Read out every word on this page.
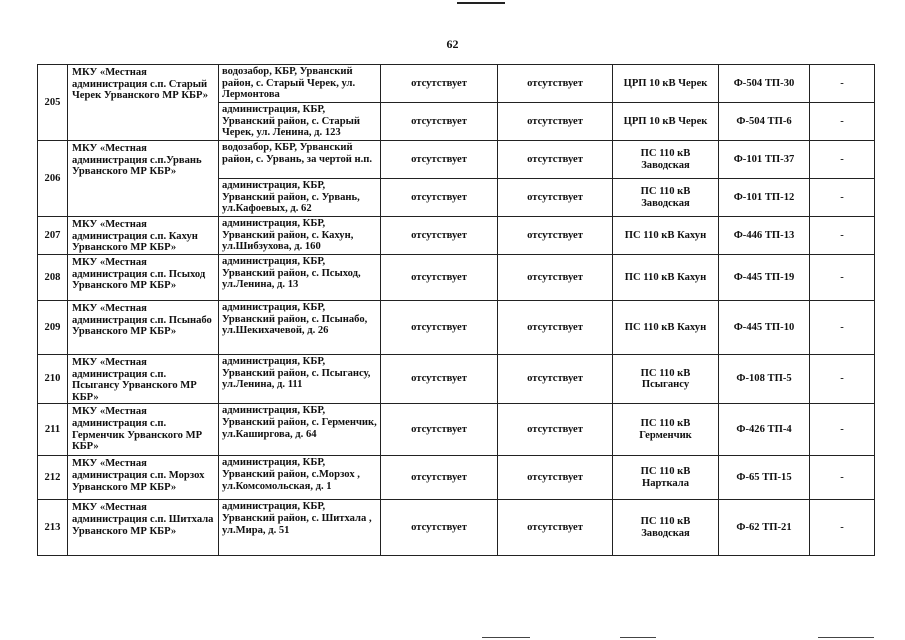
62
205	МКУ «Местная администрация с.п. Старый Черек Урванского МР КБР»	водозабор, КБР, Урванский район, с. Старый Черек, ул. Лермонтова	отсутствует	отсутствует	ЦРП 10 кВ Черек	Ф-504 ТП-30	-
		администрация, КБР, Урванский район, с. Старый Черек, ул. Ленина, д. 123	отсутствует	отсутствует	ЦРП 10 кВ Черек	Ф-504 ТП-6	-
206	МКУ «Местная администрация с.п.Урвань Урванского МР КБР»	водозабор, КБР, Урванский район, с. Урвань, за чертой н.п.	отсутствует	отсутствует	ПС 110 кВ Заводская	Ф-101 ТП-37	-
		администрация, КБР, Урванский район, с. Урвань, ул.Кафоевых, д. 62	отсутствует	отсутствует	ПС 110 кВ Заводская	Ф-101 ТП-12	-
207	МКУ «Местная администрация с.п. Кахун Урванского МР КБР»	администрация, КБР, Урванский район, с. Кахун, ул.Шибзухова, д. 160	отсутствует	отсутствует	ПС 110 кВ Кахун	Ф-446 ТП-13	-
208	МКУ «Местная администрация с.п. Псыход Урванского МР КБР»	администрация, КБР, Урванский район, с. Псыход, ул.Ленина, д. 13	отсутствует	отсутствует	ПС 110 кВ Кахун	Ф-445 ТП-19	-
209	МКУ «Местная администрация с.п. Псынабо Урванского МР КБР»	администрация, КБР, Урванский район, с. Псынабо, ул.Шекихачевой, д. 26	отсутствует	отсутствует	ПС 110 кВ Кахун	Ф-445 ТП-10	-
210	МКУ «Местная администрация с.п. Псыгансу Урванского МР КБР»	администрация, КБР, Урванский район, с. Псыгансу, ул.Ленина, д. 111	отсутствует	отсутствует	ПС 110 кВ Псыгансу	Ф-108 ТП-5	-
211	МКУ «Местная администрация с.п. Герменчик Урванского МР КБР»	администрация, КБР, Урванский район, с. Герменчик, ул.Каширгова, д. 64	отсутствует	отсутствует	ПС 110 кВ Герменчик	Ф-426 ТП-4	-
212	МКУ «Местная администрация с.п. Морзох Урванского МР КБР»	администрация, КБР, Урванский район, с.Морзох , ул.Комсомольская, д. 1	отсутствует	отсутствует	ПС 110 кВ Нарткала	Ф-65 ТП-15	-
213	МКУ «Местная администрация с.п. Шитхала Урванского МР КБР»	администрация, КБР, Урванский район, с. Шитхала , ул.Мира, д. 51	отсутствует	отсутствует	ПС 110 кВ Заводская	Ф-62 ТП-21	-
